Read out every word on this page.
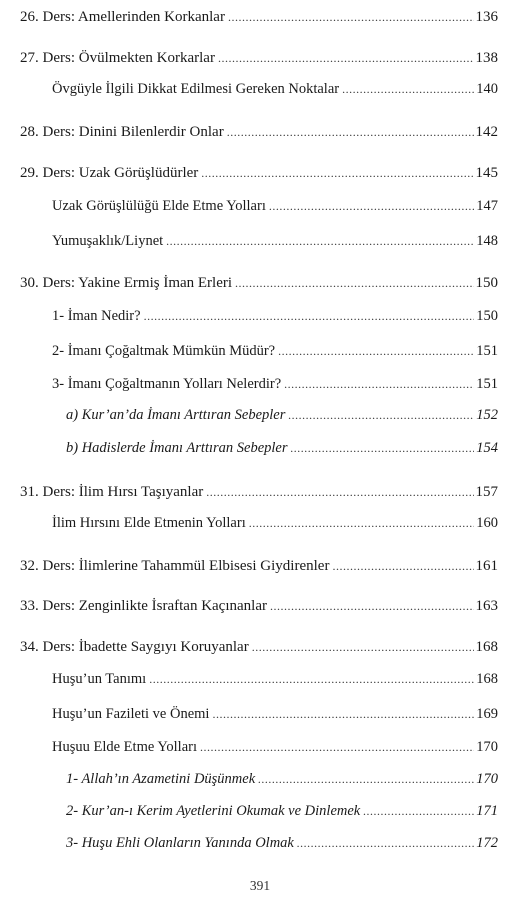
26. Ders: Amellerinden Korkanlar .....	136
27. Ders: Övülmekten Korkarlar .....	138
Övgüyle İlgili Dikkat Edilmesi Gereken Noktalar .....	140
28. Ders: Dinini Bilenlerdir Onlar .....	142
29. Ders: Uzak Görüşlüdürler .....	145
Uzak Görüşlülüğü Elde Etme Yolları .....	147
Yumuşaklık/Liynet .....	148
30. Ders: Yakine Ermiş İman Erleri .....	150
1- İman Nedir? .....	150
2- İmanı Çoğaltmak Mümkün Müdür? .....	151
3- İmanı Çoğaltmanın Yolları Nelerdir? .....	151
a) Kur’an’da İmanı Arttıran Sebepler .....	152
b) Hadislerde İmanı Arttıran Sebepler .....	154
31. Ders: İlim Hırsı Taşıyanlar .....	157
İlim Hırsını Elde Etmenin Yolları .....	160
32. Ders: İlimlerine Tahammül Elbisesi Giydirenler .....	161
33. Ders: Zenginlikte İsraftan Kaçınanlar .....	163
34. Ders: İbadette Saygıyı Koruyanlar .....	168
Huşu’un Tanımı .....	168
Huşu’un Fazileti ve Önemi .....	169
Huşuu Elde Etme Yolları .....	170
1- Allah’ın Azametini Düşünmek .....	170
2- Kur’an-ı Kerim Ayetlerini Okumak ve Dinlemek .....	171
3- Huşu Ehli Olanların Yanında Olmak .....	172
391
